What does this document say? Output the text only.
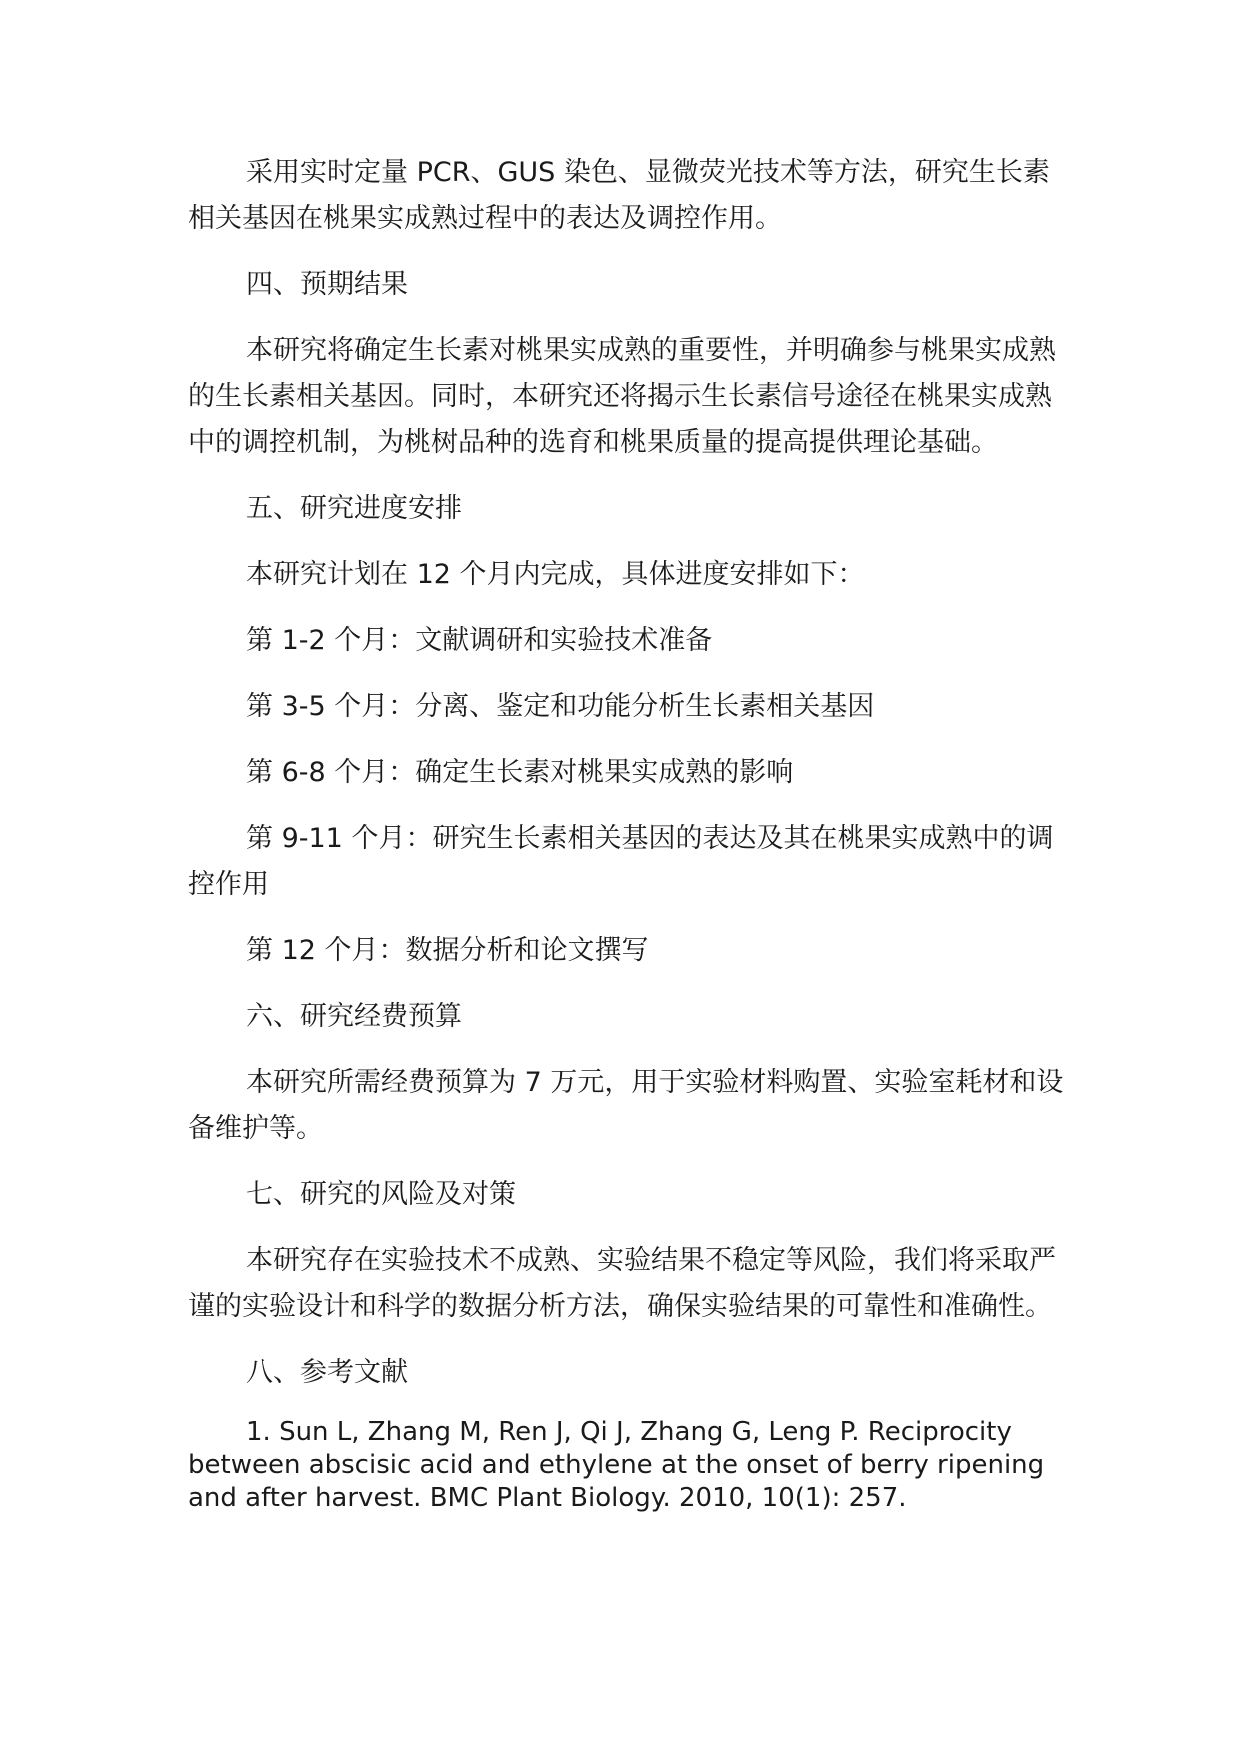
采用实时定量 PCR、GUS 染色、显微荧光技术等方法，研究生长素相关基因在桃果实成熟过程中的表达及调控作用。

四、预期结果

本研究将确定生长素对桃果实成熟的重要性，并明确参与桃果实成熟的生长素相关基因。同时，本研究还将揭示生长素信号途径在桃果实成熟中的调控机制，为桃树品种的选育和桃果质量的提高提供理论基础。

五、研究进度安排

本研究计划在 12 个月内完成，具体进度安排如下：

第 1-2 个月：文献调研和实验技术准备

第 3-5 个月：分离、鉴定和功能分析生长素相关基因

第 6-8 个月：确定生长素对桃果实成熟的影响

第 9-11 个月：研究生长素相关基因的表达及其在桃果实成熟中的调控作用

第 12 个月：数据分析和论文撰写

六、研究经费预算

本研究所需经费预算为 7 万元，用于实验材料购置、实验室耗材和设备维护等。

七、研究的风险及对策

本研究存在实验技术不成熟、实验结果不稳定等风险，我们将采取严谨的实验设计和科学的数据分析方法，确保实验结果的可靠性和准确性。

八、参考文献

1. Sun L, Zhang M, Ren J, Qi J, Zhang G, Leng P. Reciprocity between abscisic acid and ethylene at the onset of berry ripening and after harvest. BMC Plant Biology. 2010, 10(1): 257.
